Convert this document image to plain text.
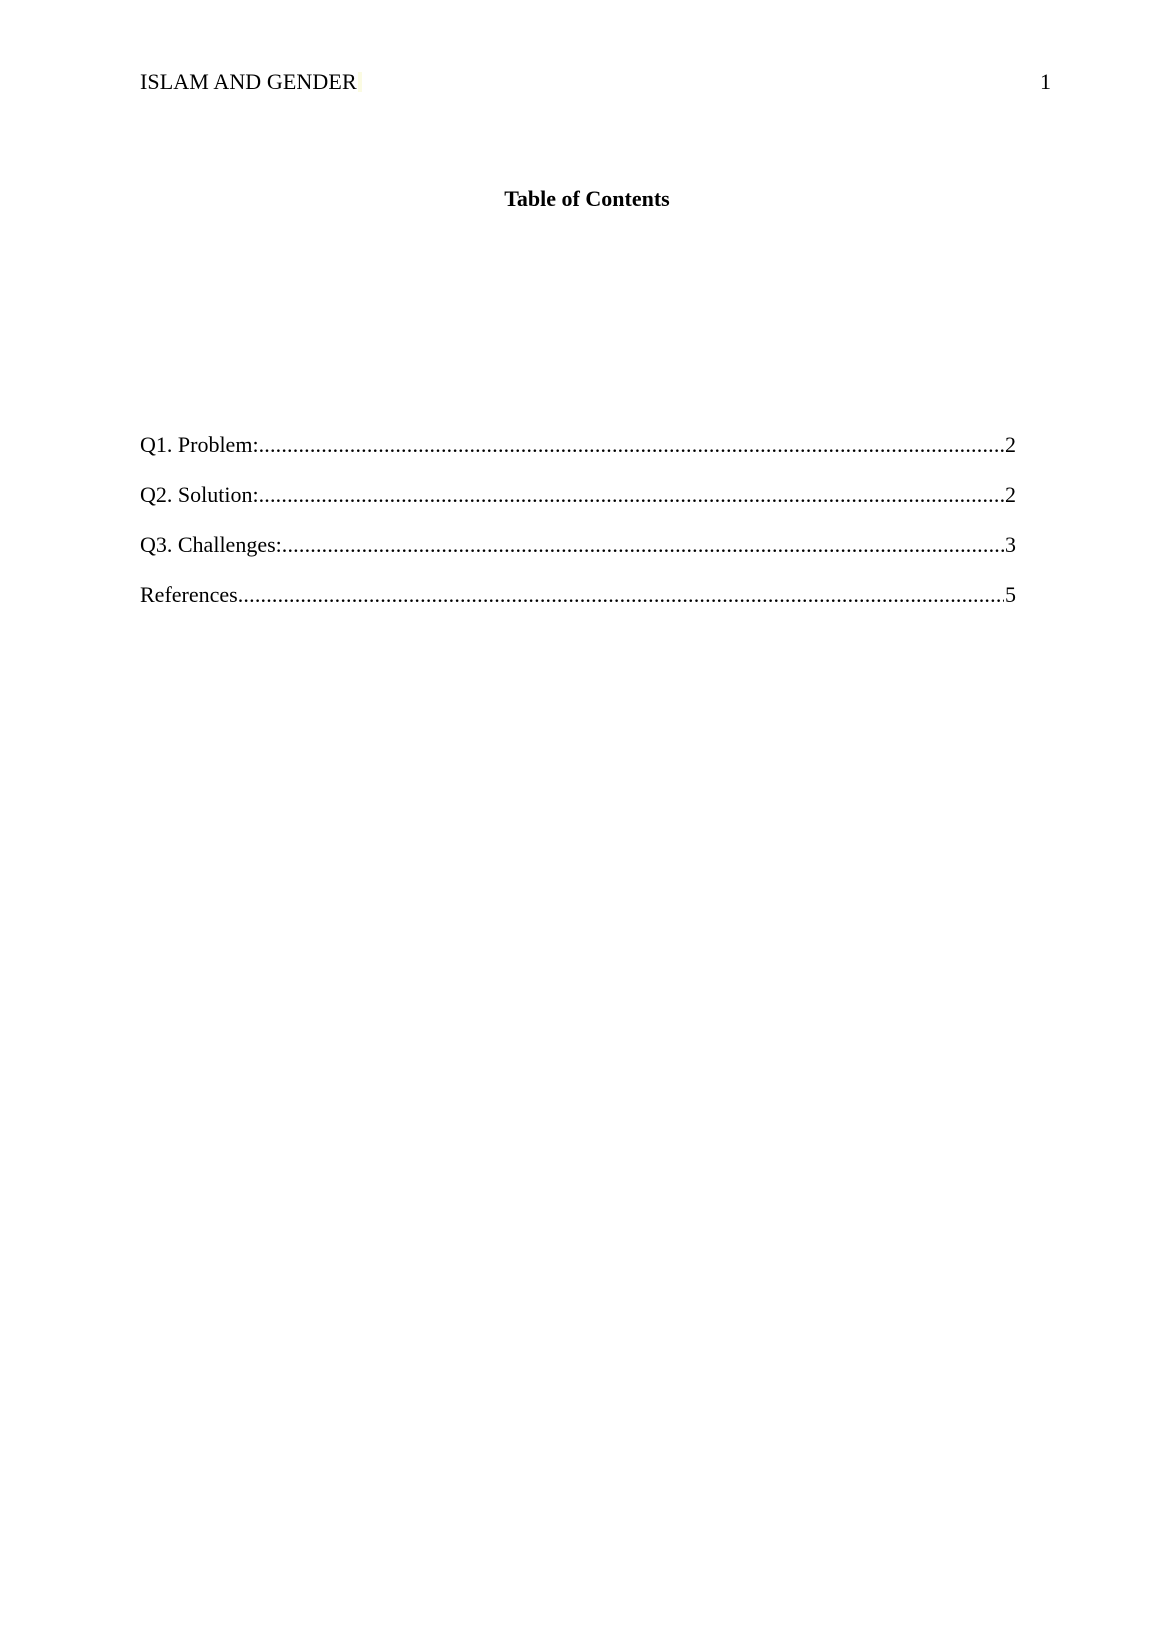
ISLAM AND GENDER	1
Table of Contents
Q1. Problem: .....	2
Q2. Solution: .....	2
Q3. Challenges: .....	3
References .....	5
